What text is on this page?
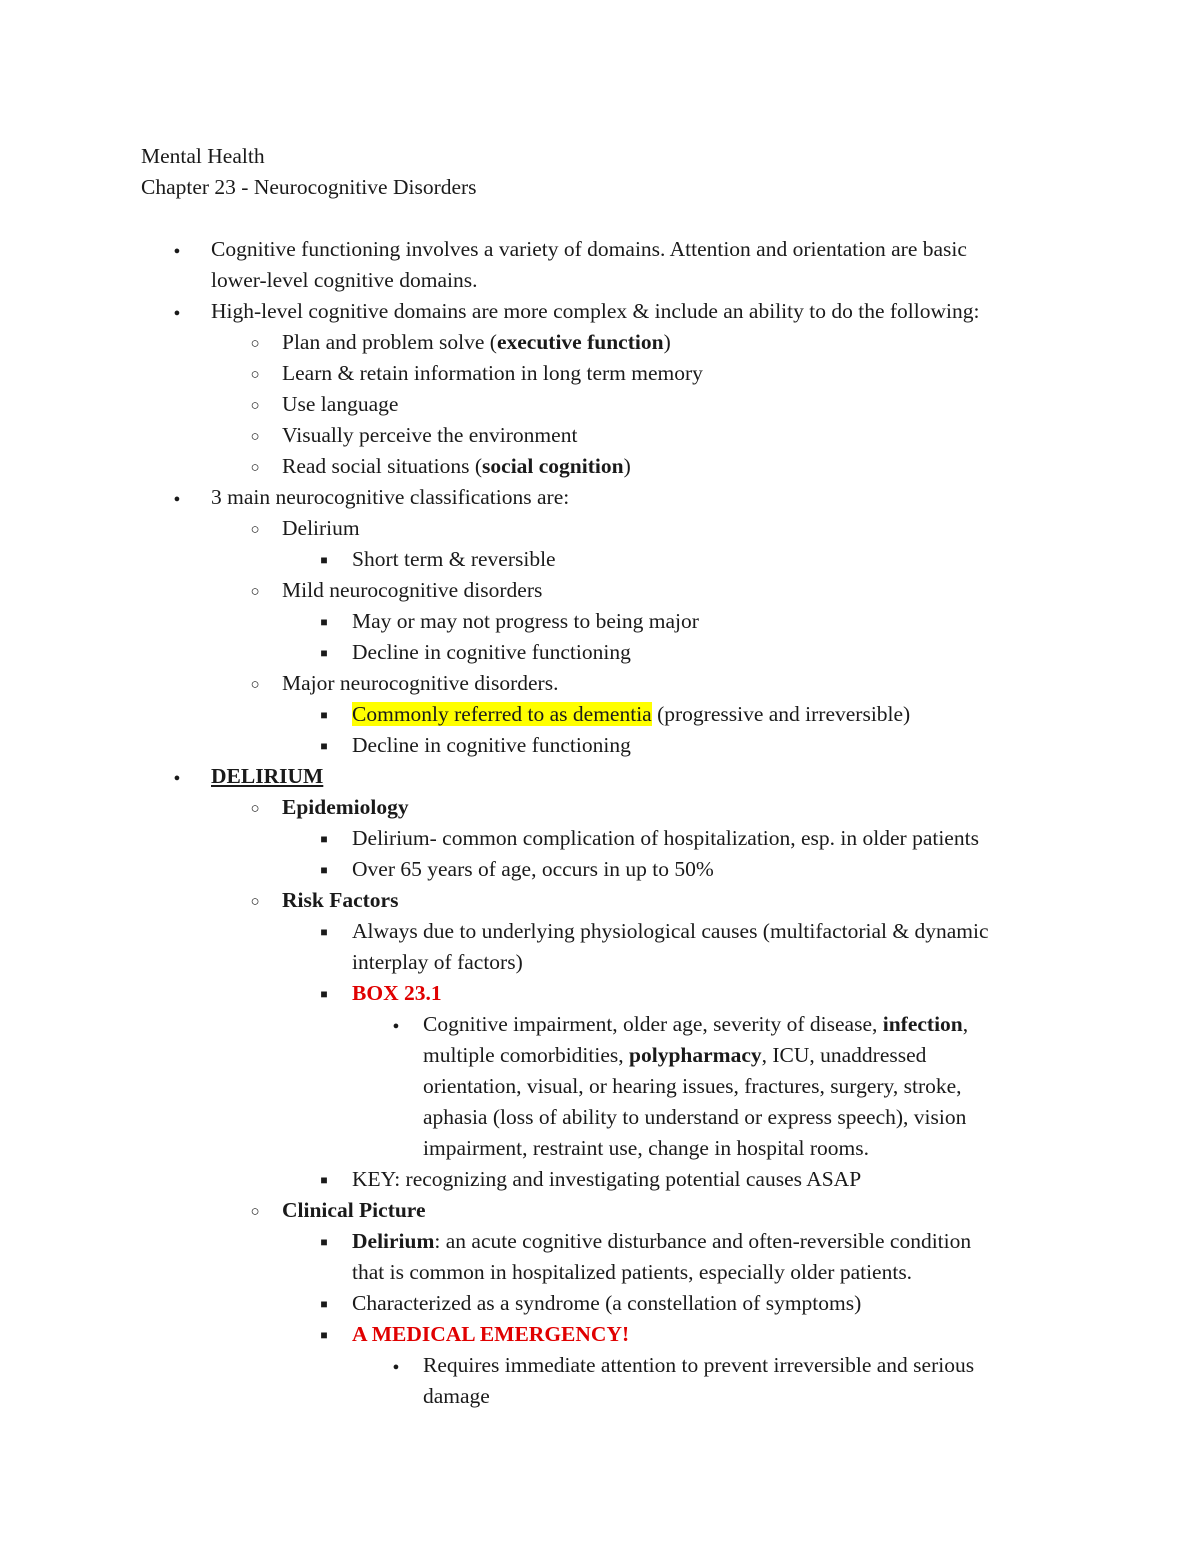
Mental Health
Chapter 23 - Neurocognitive Disorders
●
Cognitive functioning involves a variety of domains. Attention and orientation are basic
lower-level cognitive domains.
●
High-level cognitive domains are more complex & include an ability to do the following:
○
Plan and problem solve (executive function)
○
Learn & retain information in long term memory
○
Use language
○
Visually perceive the environment
○
Read social situations (social cognition)
●
3 main neurocognitive classifications are:
○
Delirium
■
Short term & reversible
○
Mild neurocognitive disorders
■
May or may not progress to being major
■
Decline in cognitive functioning
○
Major neurocognitive disorders.
■
Commonly referred to as dementia (progressive and irreversible)
■
Decline in cognitive functioning
●
DELIRIUM
○
Epidemiology
■
Delirium- common complication of hospitalization, esp. in older patients
■
Over 65 years of age, occurs in up to 50%
○
Risk Factors
■
Always due to underlying physiological causes (multifactorial & dynamic
interplay of factors)
■
BOX 23.1
●
Cognitive impairment, older age, severity of disease, infection,
multiple comorbidities, polypharmacy, ICU, unaddressed
orientation, visual, or hearing issues, fractures, surgery, stroke,
aphasia (loss of ability to understand or express speech), vision
impairment, restraint use, change in hospital rooms.
■
KEY: recognizing and investigating potential causes ASAP
○
Clinical Picture
■
Delirium: an acute cognitive disturbance and often-reversible condition
that is common in hospitalized patients, especially older patients.
■
Characterized as a syndrome (a constellation of symptoms)
■
A MEDICAL EMERGENCY!
●
Requires immediate attention to prevent irreversible and serious
damage
